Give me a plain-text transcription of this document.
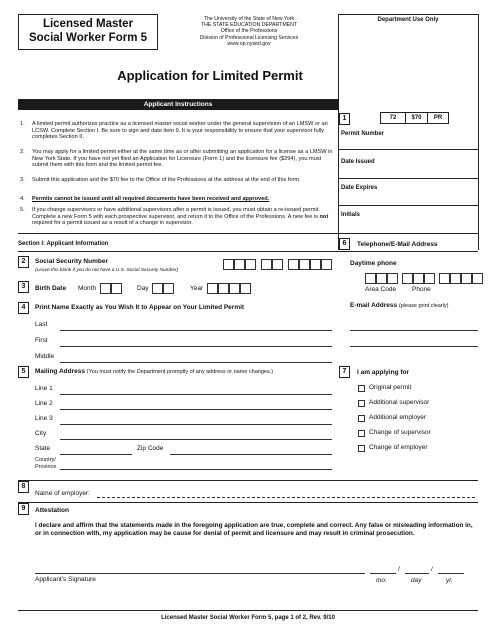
Licensed Master
Social Worker Form 5
The University of the State of New York
THE STATE EDUCATION DEPARTMENT
Office of the Professions
Division of Professional Licensing Services
www.op.nysed.gov
Application for Limited Permit
Department Use Only
72	$70	PR
1
Permit Number
Date Issued
Date Expires
Initials
Applicant Instructions
1. A limited permit authorizes practice as a licensed master social worker under the general supervision of an LMSW or an LCSW. Complete Section I. Be sure to sign and date item 9. It is your responsibility to ensure that your supervisor fully completes Section II.
2. You may apply for a limited permit either at the same time as or after submitting an application for a license as a LMSW in New York State. If you have not yet filed an Application for Licensure (Form 1) and the licensure fee ($294), you must submit them with this form and the limited permit fee.
3. Submit this application and the $70 fee to the Office of the Professions at the address at the end of this form.
4. Permits cannot be issued until all required documents have been received and approved.
5. If you change supervisors or have additional supervisors after a permit is issued, you must obtain a re-issued permit. Complete a new Form 5 with each prospective supervisor, and return it to the Office of the Professions. A new fee is not required for a permit issued as a result of a change in supervisor.
Section I: Applicant Information
2	Social Security Number
(Leave this blank if you do not have a U.S. Social Security Number)
3	Birth Date Month	Day	Year
4	Print Name Exactly as You Wish It to Appear on Your Limited Permit
Last
First
Middle
5	Mailing Address (You must notify the Department promptly of any address or name changes.)
Line 1
Line 2
Line 3
City
State	Zip Code
Country/
Province
6	Telephone/E-Mail Address
Daytime phone
Area Code Phone
E-mail Address (please print clearly)
7	I am applying for
Original permit
Additional supervisor
Additional employer
Change of supervisor
Change of employer
8
Name of employer:
9	Attestation
I declare and affirm that the statements made in the foregoing application are true, complete and correct. Any false or misleading information in, or in connection with, my application may be cause for denial of permit and licensure and may result in criminal prosecution.
Applicant's Signature
/	/
mo.	day	yr.
Licensed Master Social Worker Form 5, page 1 of 2, Rev. 9/10
